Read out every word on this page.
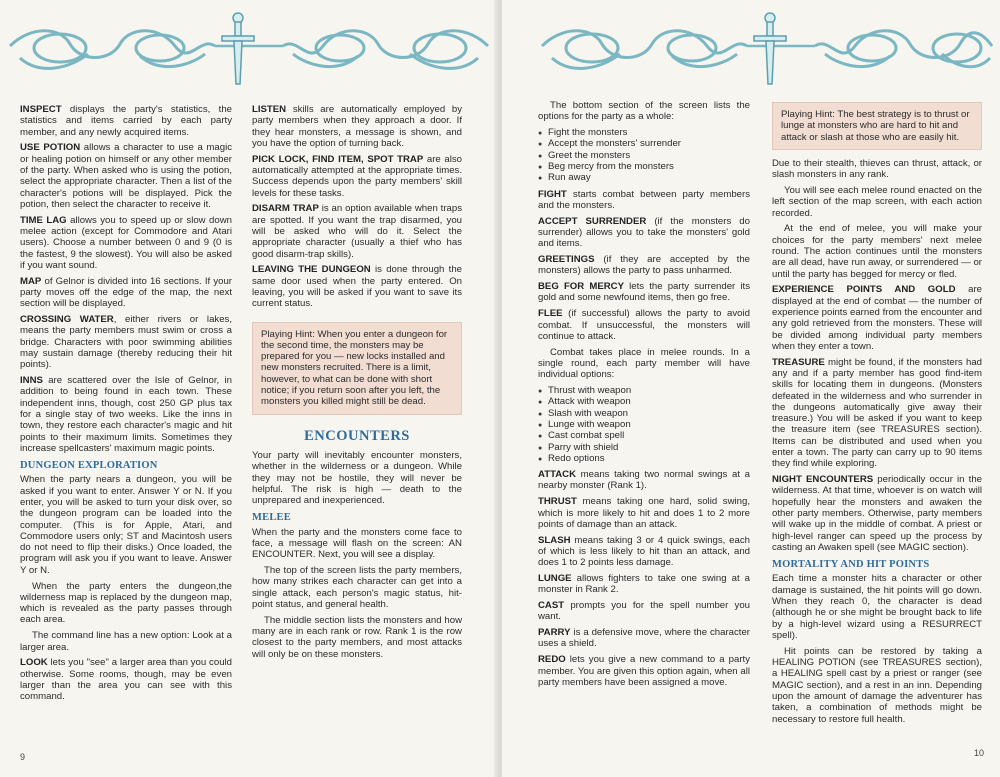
INSPECT displays the party's statistics, the statistics and items carried by each party member, and any newly acquired items.

USE POTION allows a character to use a magic or healing potion on himself or any other member of the party. When asked who is using the potion, select the appropriate character. Then a list of the character's potions will be displayed. Pick the potion, then select the character to receive it.

TIME LAG allows you to speed up or slow down melee action (except for Commodore and Atari users). Choose a number between 0 and 9 (0 is the fastest, 9 the slowest). You will also be asked if you want sound.

MAP of Gelnor is divided into 16 sections. If your party moves off the edge of the map, the next section will be displayed.

CROSSING WATER, either rivers or lakes, means the party members must swim or cross a bridge. Characters with poor swimming abilities may sustain damage (thereby reducing their hit points).

INNS are scattered over the Isle of Gelnor, in addition to being found in each town. These independent inns, though, cost 250 GP plus tax for a single stay of two weeks. Like the inns in town, they restore each character's magic and hit points to their maximum limits. Sometimes they increase spellcasters' maximum magic points.

DUNGEON EXPLORATION

When the party nears a dungeon, you will be asked if you want to enter. Answer Y or N. If you enter, you will be asked to turn your disk over, so the dungeon program can be loaded into the computer. (This is for Apple, Atari, and Commodore users only; ST and Macintosh users do not need to flip their disks.) Once loaded, the program will ask you if you want to leave. Answer Y or N.

When the party enters the dungeon,the wilderness map is replaced by the dungeon map, which is revealed as the party passes through each area.

The command line has a new option: Look at a larger area.

LOOK lets you "see" a larger area than you could otherwise. Some rooms, though, may be even larger than the area you can see with this command.

LISTEN skills are automatically employed by party members when they approach a door. If they hear monsters, a message is shown, and you have the option of turning back.

PICK LOCK, FIND ITEM, SPOT TRAP are also automatically attempted at the appropriate times. Success depends upon the party members' skill levels for these tasks.

DISARM TRAP is an option available when traps are spotted. If you want the trap disarmed, you will be asked who will do it. Select the appropriate character (usually a thief who has good disarm-trap skills).

LEAVING THE DUNGEON is done through the same door used when the party entered. On leaving, you will be asked if you want to save its current status.

Playing Hint: When you enter a dungeon for the second time, the monsters may be prepared for you — new locks installed and new monsters recruited. There is a limit, however, to what can be done with short notice; if you return soon after you left, the monsters you killed might still be dead.

ENCOUNTERS

Your party will inevitably encounter monsters, whether in the wilderness or a dungeon. While they may not be hostile, they will never be helpful. The risk is high — death to the unprepared and inexperienced.

MELEE

When the party and the monsters come face to face, a message will flash on the screen: AN ENCOUNTER. Next, you will see a display.

The top of the screen lists the party members, how many strikes each character can get into a single attack, each person's magic status, hit-point status, and general health.

The middle section lists the monsters and how many are in each rank or row. Rank 1 is the row closest to the party members, and most attacks will only be on these monsters.

9

The bottom section of the screen lists the options for the party as a whole:

● Fight the monsters
● Accept the monsters' surrender
● Greet the monsters
● Beg mercy from the monsters
● Run away

FIGHT starts combat between party members and the monsters.

ACCEPT SURRENDER (if the monsters do surrender) allows you to take the monsters' gold and items.

GREETINGS (if they are accepted by the monsters) allows the party to pass unharmed.

BEG FOR MERCY lets the party surrender its gold and some newfound items, then go free.

FLEE (if successful) allows the party to avoid combat. If unsuccessful, the monsters will continue to attack.

Combat takes place in melee rounds. In a single round, each party member will have individual options:

● Thrust with weapon
● Attack with weapon
● Slash with weapon
● Lunge with weapon
● Cast combat spell
● Parry with shield
● Redo options

ATTACK means taking two normal swings at a nearby monster (Rank 1).

THRUST means taking one hard, solid swing, which is more likely to hit and does 1 to 2 more points of damage than an attack.

SLASH means taking 3 or 4 quick swings, each of which is less likely to hit than an attack, and does 1 to 2 points less damage.

LUNGE allows fighters to take one swing at a monster in Rank 2.

CAST prompts you for the spell number you want.

PARRY is a defensive move, where the character uses a shield.

REDO lets you give a new command to a party member. You are given this option again, when all party members have been assigned a move.

Playing Hint: The best strategy is to thrust or lunge at monsters who are hard to hit and attack or slash at those who are easily hit.

Due to their stealth, thieves can thrust, attack, or slash monsters in any rank.

You will see each melee round enacted on the left section of the map screen, with each action recorded.

At the end of melee, you will make your choices for the party members' next melee round. The action continues until the monsters are all dead, have run away, or surrendered — or until the party has begged for mercy or fled.

EXPERIENCE POINTS AND GOLD are displayed at the end of combat — the number of experience points earned from the encounter and any gold retrieved from the monsters. These will be divided among individual party members when they enter a town.

TREASURE might be found, if the monsters had any and if a party member has good find-item skills for locating them in dungeons. (Monsters defeated in the wilderness and who surrender in the dungeons automatically give away their treasure.) You will be asked if you want to keep the treasure item (see TREASURES section). Items can be distributed and used when you enter a town. The party can carry up to 90 items they find while exploring.

NIGHT ENCOUNTERS periodically occur in the wilderness. At that time, whoever is on watch will hopefully hear the monsters and awaken the other party members. Otherwise, party members will wake up in the middle of combat. A priest or high-level ranger can speed up the process by casting an Awaken spell (see MAGIC section).

MORTALITY AND HIT POINTS

Each time a monster hits a character or other damage is sustained, the hit points will go down. When they reach 0, the character is dead (although he or she might be brought back to life by a high-level wizard using a RESURRECT spell).

Hit points can be restored by taking a HEALING POTION (see TREASURES section), a HEALING spell cast by a priest or ranger (see MAGIC section), and a rest in an inn. Depending upon the amount of damage the adventurer has taken, a combination of methods might be necessary to restore full health.

10
